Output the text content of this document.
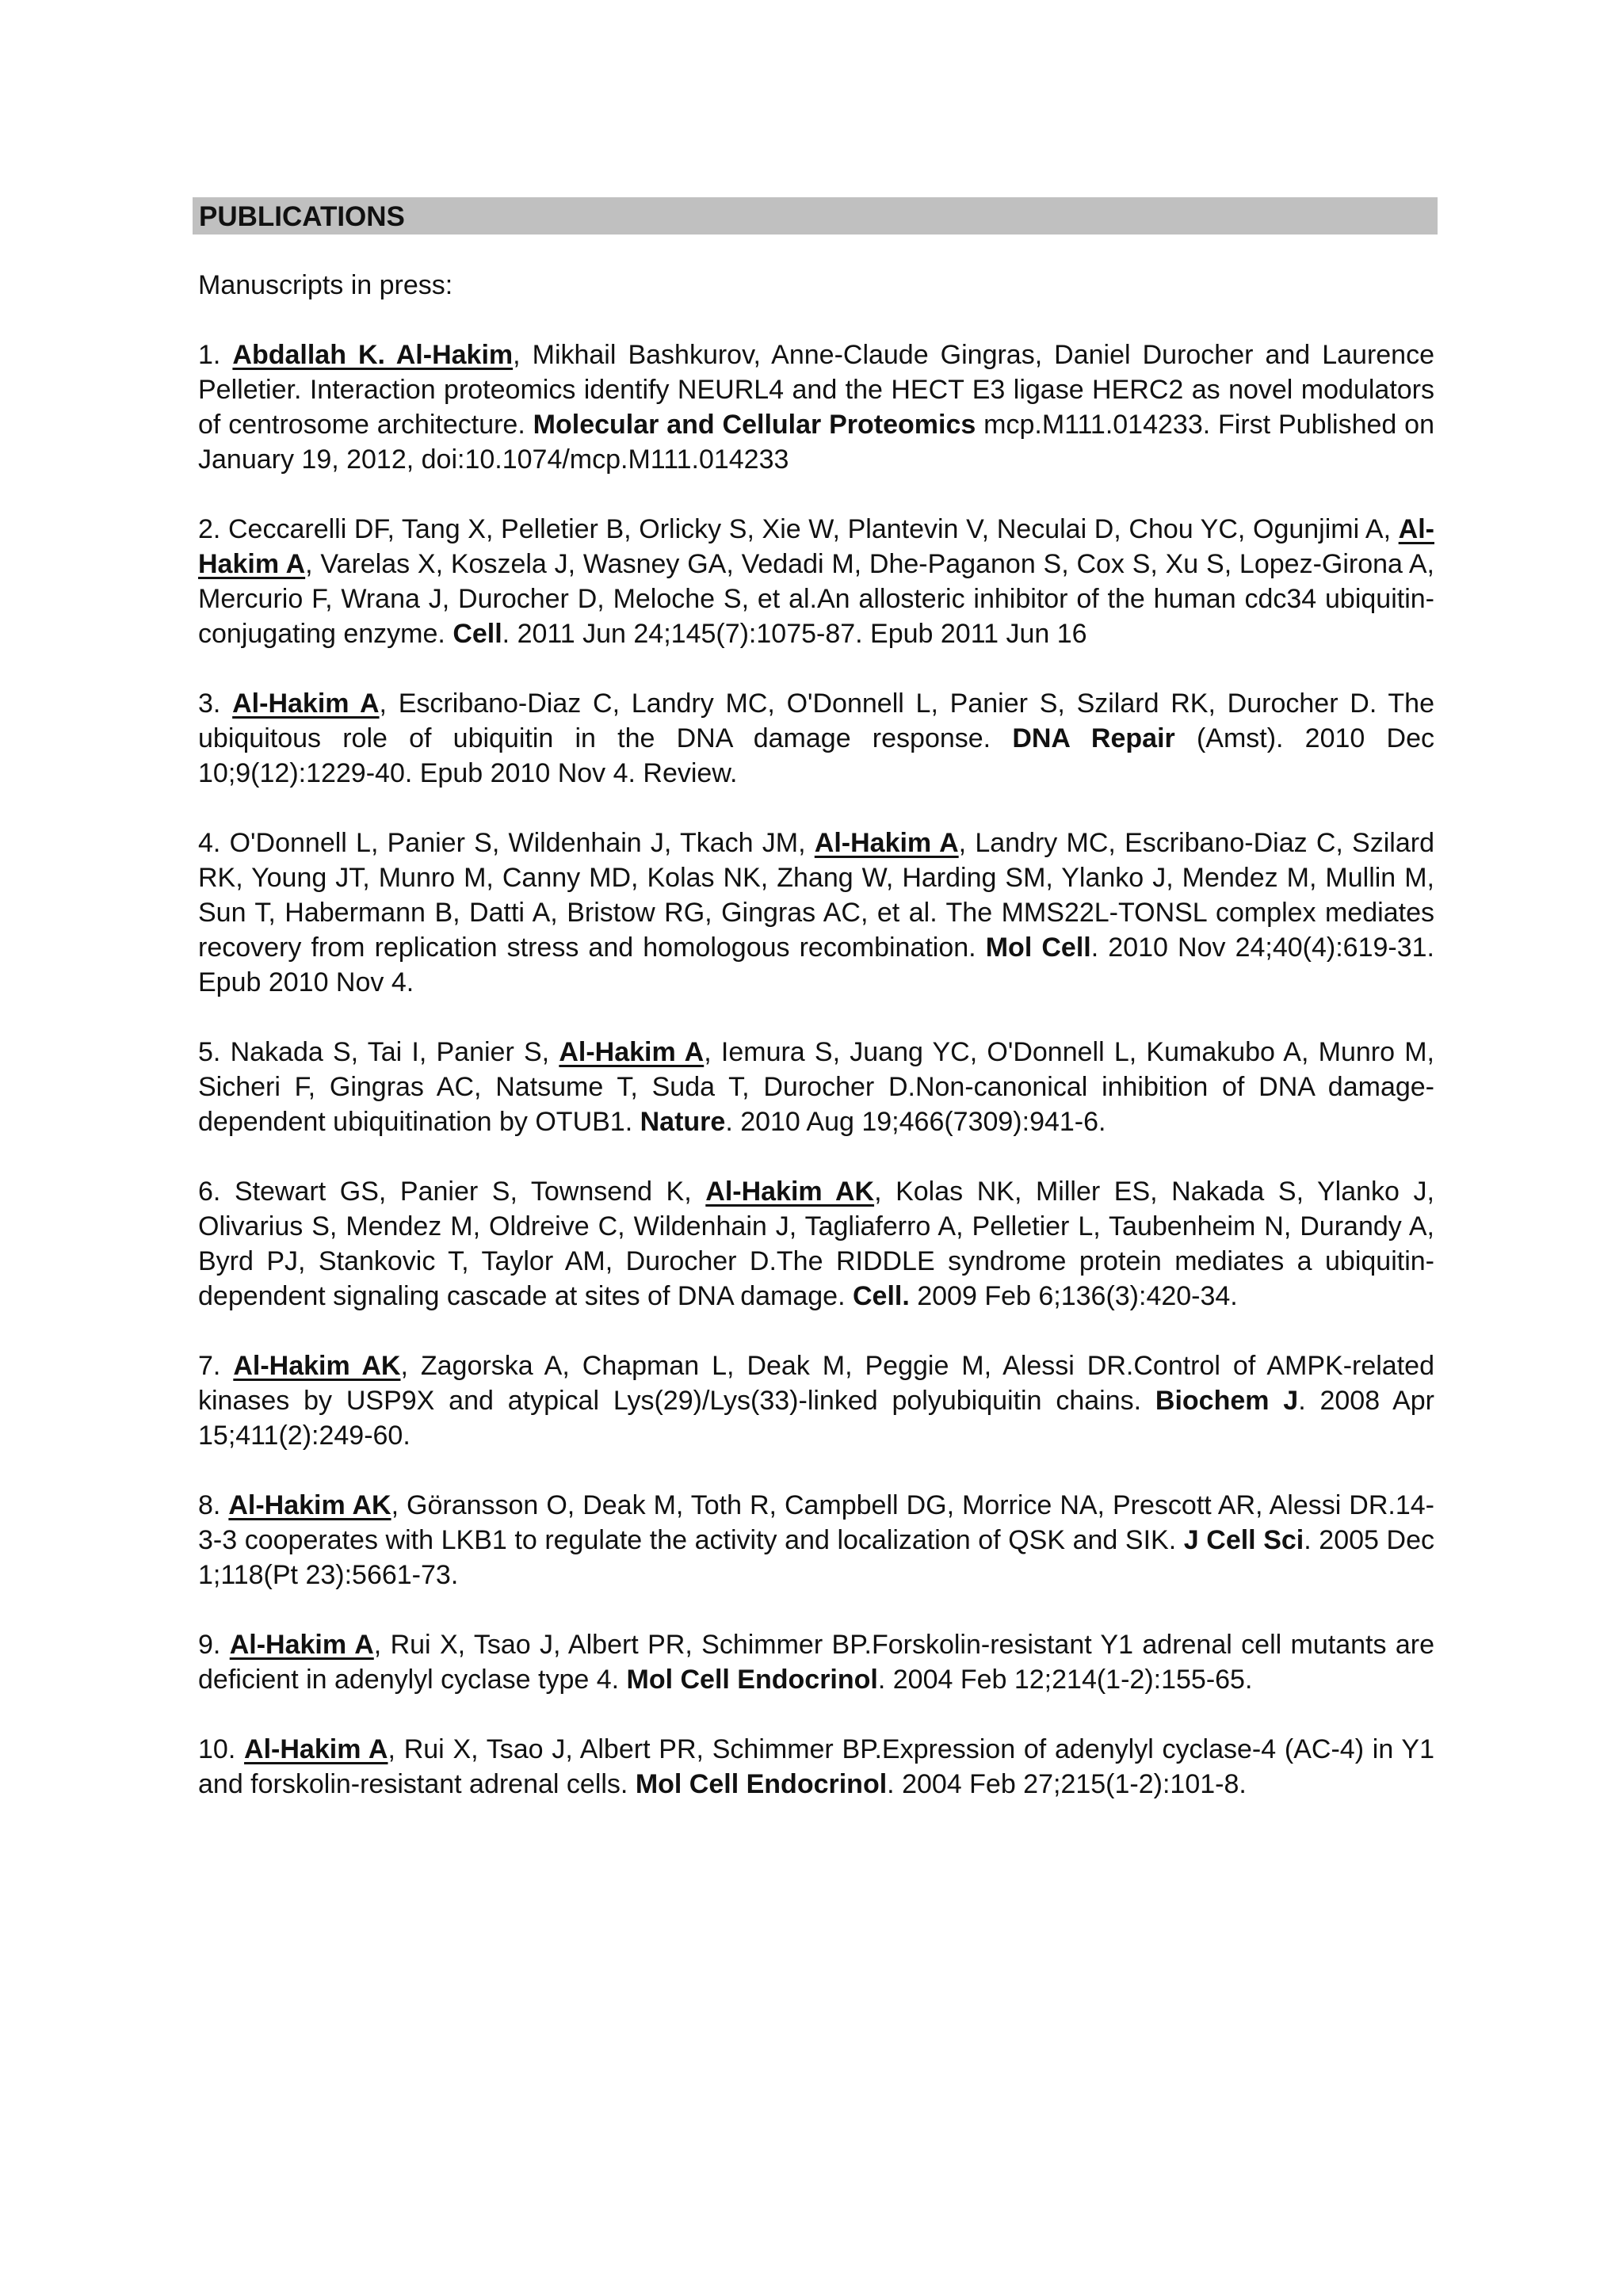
PUBLICATIONS

Manuscripts in press:

1. Abdallah K. Al-Hakim, Mikhail Bashkurov, Anne-Claude Gingras, Daniel Durocher and Laurence Pelletier. Interaction proteomics identify NEURL4 and the HECT E3 ligase HERC2 as novel modulators of centrosome architecture. Molecular and Cellular Proteomics mcp.M111.014233. First Published on January 19, 2012, doi:10.1074/mcp.M111.014233

2. Ceccarelli DF, Tang X, Pelletier B, Orlicky S, Xie W, Plantevin V, Neculai D, Chou YC, Ogunjimi A, Al-Hakim A, Varelas X, Koszela J, Wasney GA, Vedadi M, Dhe-Paganon S, Cox S, Xu S, Lopez-Girona A, Mercurio F, Wrana J, Durocher D, Meloche S, et al.An allosteric inhibitor of the human cdc34 ubiquitin-conjugating enzyme. Cell. 2011 Jun 24;145(7):1075-87. Epub 2011 Jun 16

3. Al-Hakim A, Escribano-Diaz C, Landry MC, O'Donnell L, Panier S, Szilard RK, Durocher D. The ubiquitous role of ubiquitin in the DNA damage response. DNA Repair (Amst). 2010 Dec 10;9(12):1229-40. Epub 2010 Nov 4. Review.

4. O'Donnell L, Panier S, Wildenhain J, Tkach JM, Al-Hakim A, Landry MC, Escribano-Diaz C, Szilard RK, Young JT, Munro M, Canny MD, Kolas NK, Zhang W, Harding SM, Ylanko J, Mendez M, Mullin M, Sun T, Habermann B, Datti A, Bristow RG, Gingras AC, et al. The MMS22L-TONSL complex mediates recovery from replication stress and homologous recombination. Mol Cell. 2010 Nov 24;40(4):619-31. Epub 2010 Nov 4.

5. Nakada S, Tai I, Panier S, Al-Hakim A, Iemura S, Juang YC, O'Donnell L, Kumakubo A, Munro M, Sicheri F, Gingras AC, Natsume T, Suda T, Durocher D.Non-canonical inhibition of DNA damage-dependent ubiquitination by OTUB1. Nature. 2010 Aug 19;466(7309):941-6.

6. Stewart GS, Panier S, Townsend K, Al-Hakim AK, Kolas NK, Miller ES, Nakada S, Ylanko J, Olivarius S, Mendez M, Oldreive C, Wildenhain J, Tagliaferro A, Pelletier L, Taubenheim N, Durandy A, Byrd PJ, Stankovic T, Taylor AM, Durocher D.The RIDDLE syndrome protein mediates a ubiquitin-dependent signaling cascade at sites of DNA damage. Cell. 2009 Feb 6;136(3):420-34.

7. Al-Hakim AK, Zagorska A, Chapman L, Deak M, Peggie M, Alessi DR.Control of AMPK-related kinases by USP9X and atypical Lys(29)/Lys(33)-linked polyubiquitin chains. Biochem J. 2008 Apr 15;411(2):249-60.

8. Al-Hakim AK, Göransson O, Deak M, Toth R, Campbell DG, Morrice NA, Prescott AR, Alessi DR.14-3-3 cooperates with LKB1 to regulate the activity and localization of QSK and SIK. J Cell Sci. 2005 Dec 1;118(Pt 23):5661-73.

9. Al-Hakim A, Rui X, Tsao J, Albert PR, Schimmer BP.Forskolin-resistant Y1 adrenal cell mutants are deficient in adenylyl cyclase type 4. Mol Cell Endocrinol. 2004 Feb 12;214(1-2):155-65.

10. Al-Hakim A, Rui X, Tsao J, Albert PR, Schimmer BP.Expression of adenylyl cyclase-4 (AC-4) in Y1 and forskolin-resistant adrenal cells. Mol Cell Endocrinol. 2004 Feb 27;215(1-2):101-8.
